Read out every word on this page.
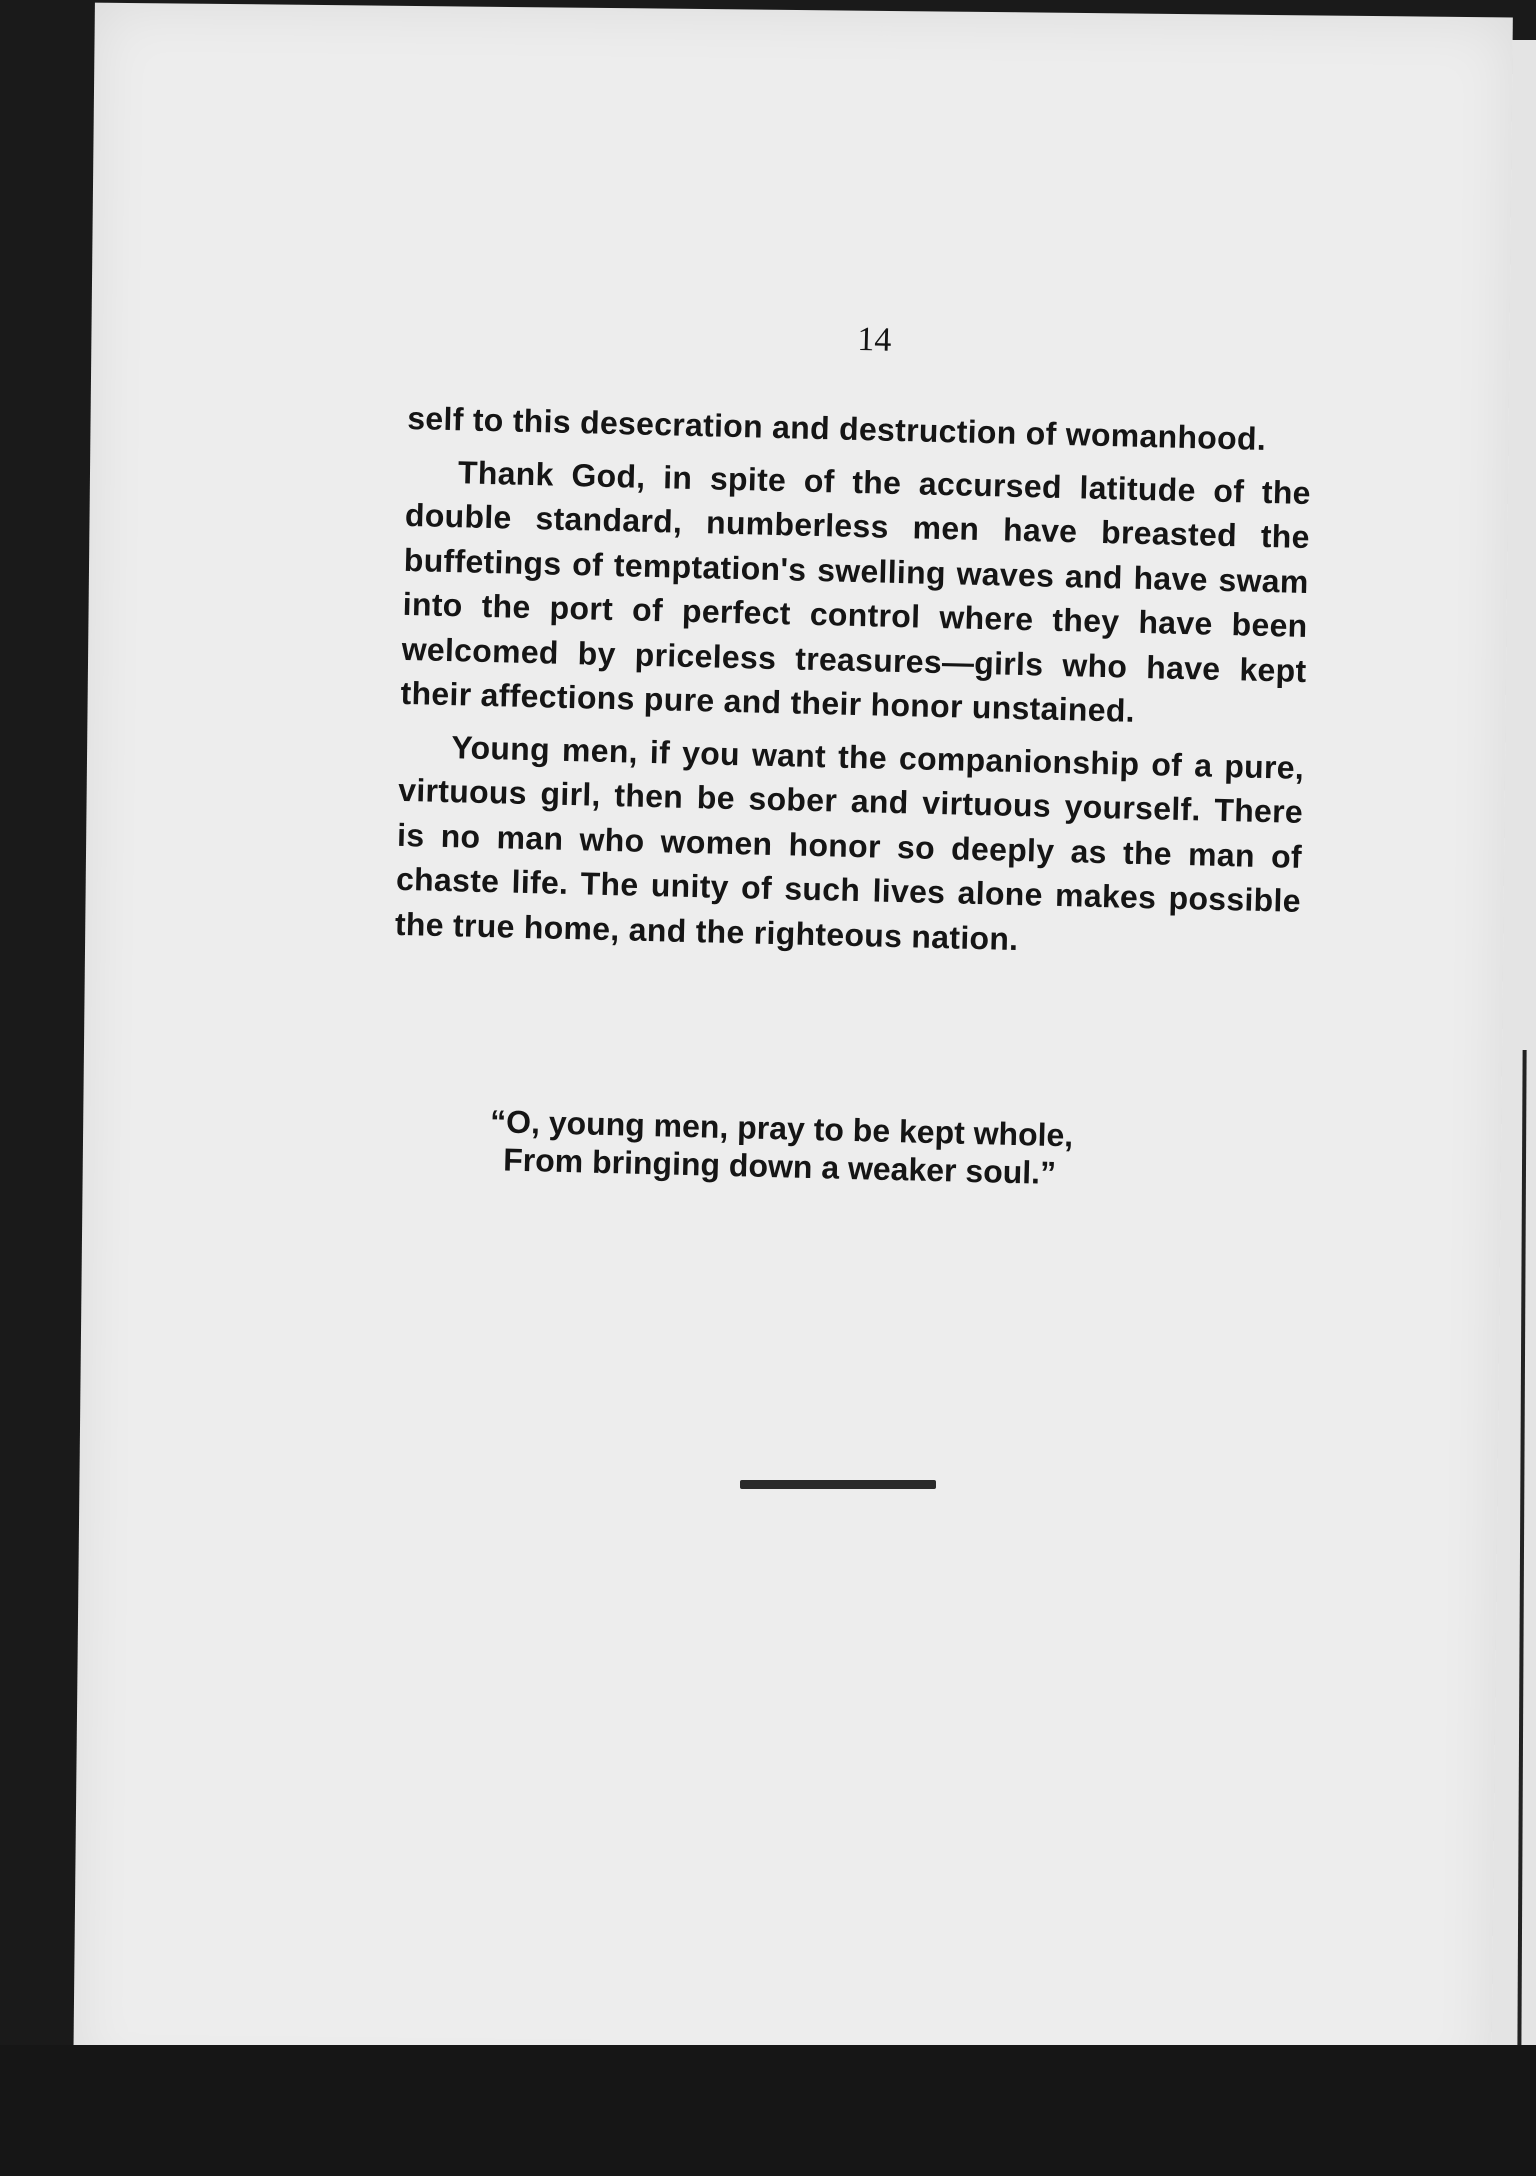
14

self to this desecration and destruction of womanhood.

Thank God, in spite of the accursed latitude of the double standard, numberless men have breasted the buffetings of temptation's swelling waves and have swam into the port of perfect control where they have been welcomed by priceless treasures—girls who have kept their affections pure and their honor unstained.

Young men, if you want the companionship of a pure, virtuous girl, then be sober and virtuous yourself. There is no man who women honor so deeply as the man of chaste life. The unity of such lives alone makes possible the true home, and the righteous nation.

“O, young men, pray to be kept whole,
From bringing down a weaker soul.”
